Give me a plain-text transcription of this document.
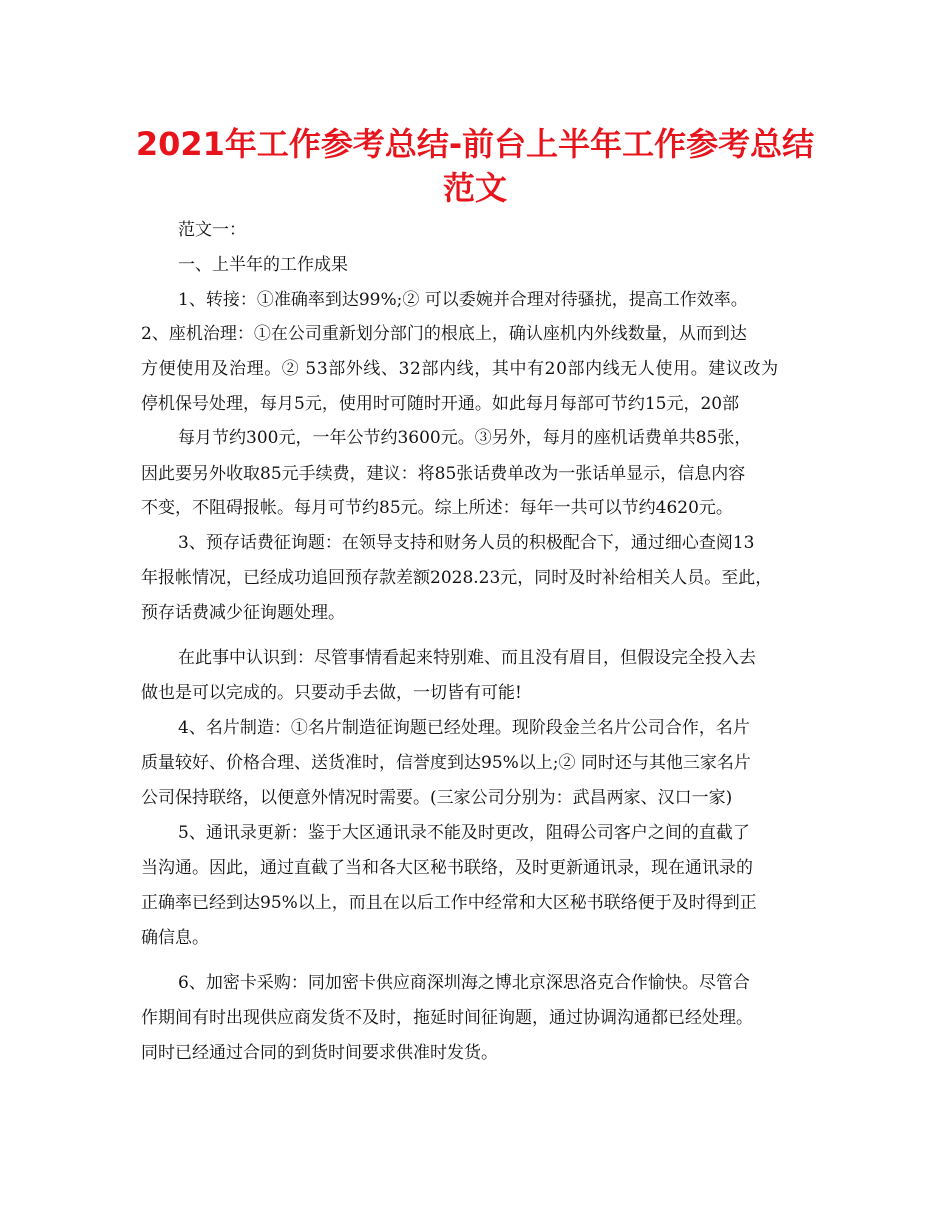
2021年工作参考总结-前台上半年工作参考总结
范文

范文一：

一、上半年的工作成果

1、转接：①准确率到达99%;② 可以委婉并合理对待骚扰，提高工作效率。

2、座机治理：①在公司重新划分部门的根底上，确认座机内外线数量，从而到达

方便使用及治理。② 53部外线、32部内线，其中有20部内线无人使用。建议改为

停机保号处理，每月5元，使用时可随时开通。如此每月每部可节约15元，20部

每月节约300元，一年公节约3600元。③另外，每月的座机话费单共85张，

因此要另外收取85元手续费，建议：将85张话费单改为一张话单显示，信息内容

不变，不阻碍报帐。每月可节约85元。综上所述：每年一共可以节约4620元。

3、预存话费征询题：在领导支持和财务人员的积极配合下，通过细心查阅13

年报帐情况，已经成功追回预存款差额2028.23元，同时及时补给相关人员。至此，

预存话费减少征询题处理。

在此事中认识到：尽管事情看起来特别难、而且没有眉目，但假设完全投入去

做也是可以完成的。只要动手去做，一切皆有可能!

4、名片制造：①名片制造征询题已经处理。现阶段金兰名片公司合作，名片

质量较好、价格合理、送货准时，信誉度到达95%以上;② 同时还与其他三家名片

公司保持联络，以便意外情况时需要。(三家公司分别为：武昌两家、汉口一家)

5、通讯录更新：鉴于大区通讯录不能及时更改，阻碍公司客户之间的直截了

当沟通。因此，通过直截了当和各大区秘书联络，及时更新通讯录，现在通讯录的

正确率已经到达95%以上，而且在以后工作中经常和大区秘书联络便于及时得到正

确信息。

6、加密卡采购：同加密卡供应商深圳海之博北京深思洛克合作愉快。尽管合

作期间有时出现供应商发货不及时，拖延时间征询题，通过协调沟通都已经处理。

同时已经通过合同的到货时间要求供准时发货。
